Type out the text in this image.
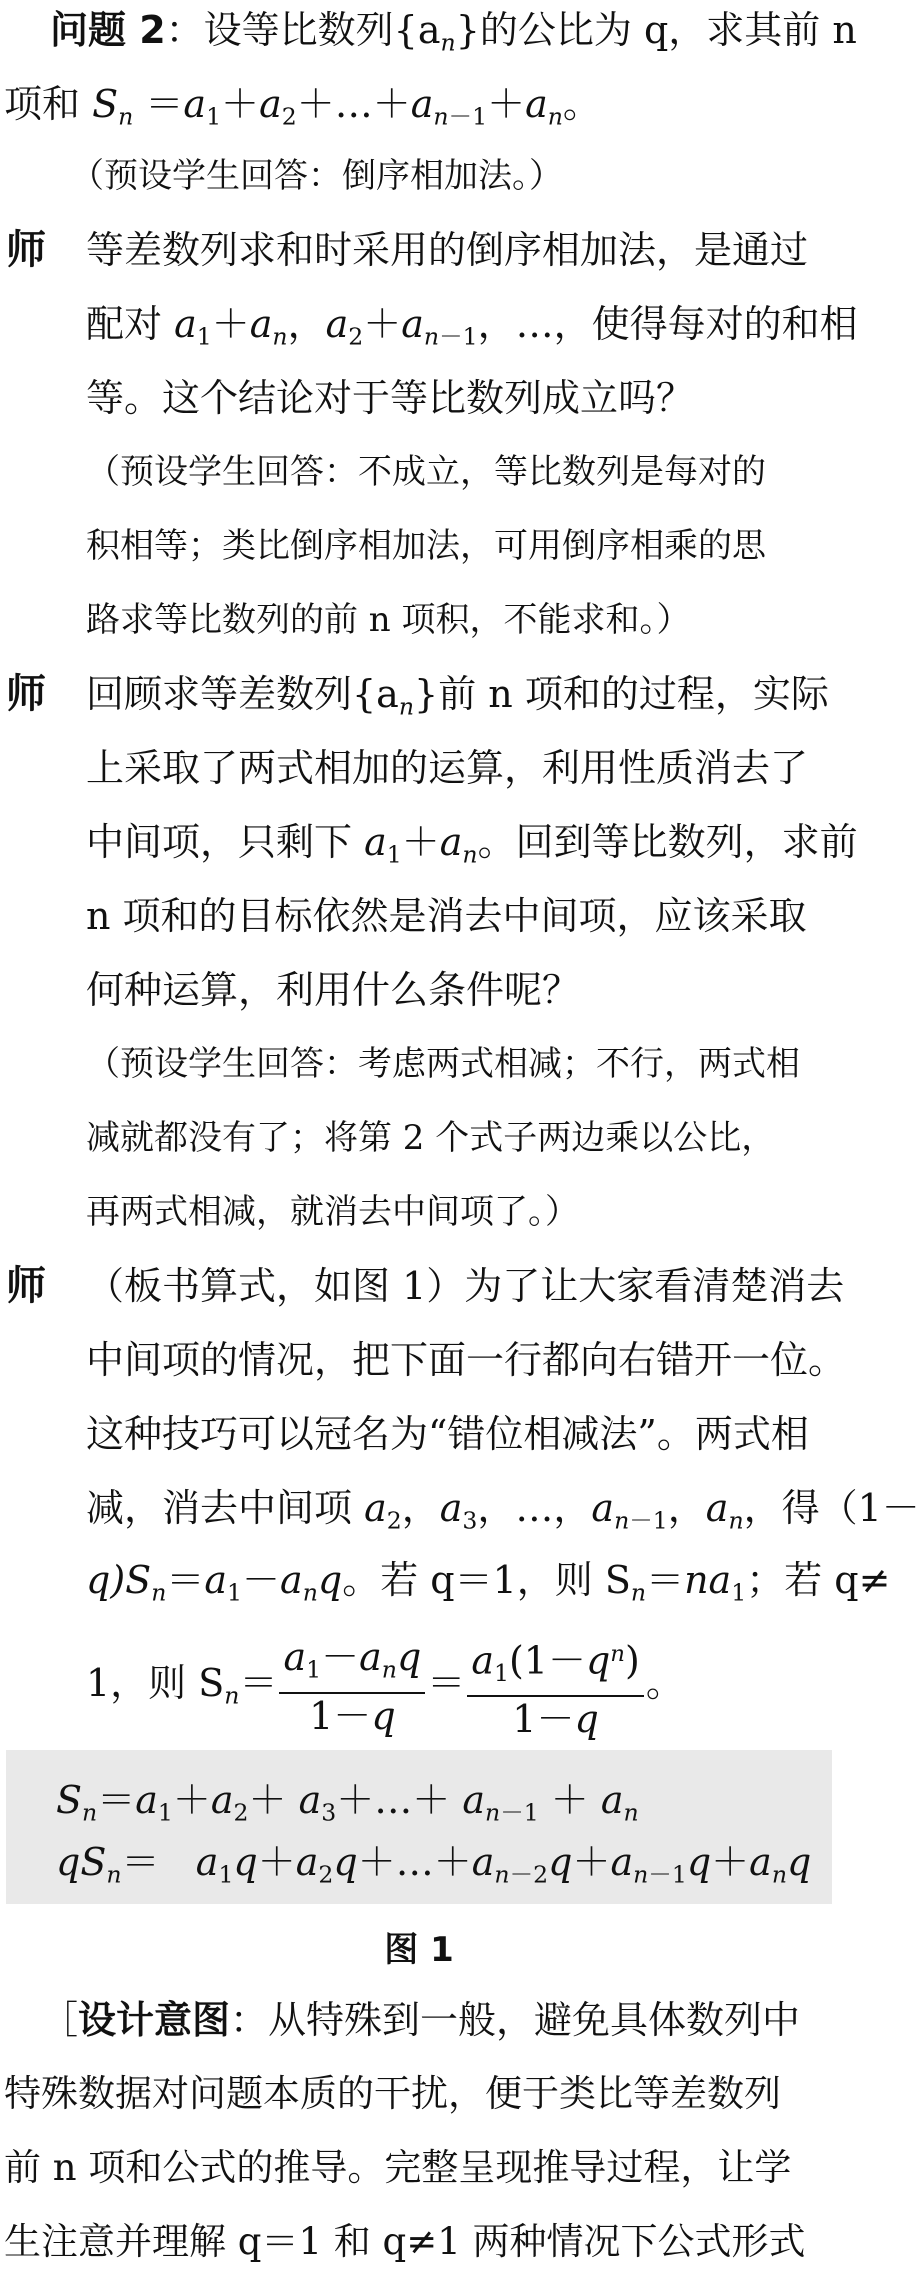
问题 2：设等比数列$\{a_n\}$的公比为 q，求其前 n
项和 $S_n$ $=a1+a2+\dots+a_n-1+a_n$。
（预设学生回答：倒序相加法。）
师 等差数列求和时采用的倒序相加法，是通过
配对 $a1+a_n$，$a2+a_n-1$，…，使得每对的和相
等。这个结论对于等比数列成立吗？
（预设学生回答：不成立，等比数列是每对的
积相等；类比倒序相加法，可用倒序相乘的思
路求等比数列的前 n 项积，不能求和。）
师 回顾求等差数列$\{a_n\}$前 n 项和的过程，实际
上采取了两式相加的运算，利用性质消去了
中间项，只剩下 $a1+a_n$。回到等比数列，求前
n 项和的目标依然是消去中间项，应该采取
何种运算，利用什么条件呢？
（预设学生回答：考虑两式相减；不行，两式相
减就都没有了；将第 2 个式子两边乘以公比，
再两式相减，就消去中间项了。）
师 （板书算式，如图 1）为了让大家看清楚消去
中间项的情况，把下面一行都向右错开一位。
这种技巧可以冠名为“错位相减法”。两式相
减，消去中间项 a2，a3，…，$a_n-1$，$a_n$，得（1－
$q)S_n=a1-a_nq$。若 q＝1，则 $S_n=na1$；若 q≠
1，则 $S_n= \frac{a1-a_nq}{1-q} = \frac{a1(1-q^n)}{1-q}$ 。
$S_n=a1+a2+$ a3＋…＋ $a_n-1 + a_n$
$qS_n=$   $a1q+a2q+\dots+a_n-2q+a_n-1q+a_nq$
图 1
［设计意图：从特殊到一般，避免具体数列中
特殊数据对问题本质的干扰，便于类比等差数列
前 n 项和公式的推导。完整呈现推导过程，让学
生注意并理解 q＝1 和 q≠1 两种情况下公式形式
